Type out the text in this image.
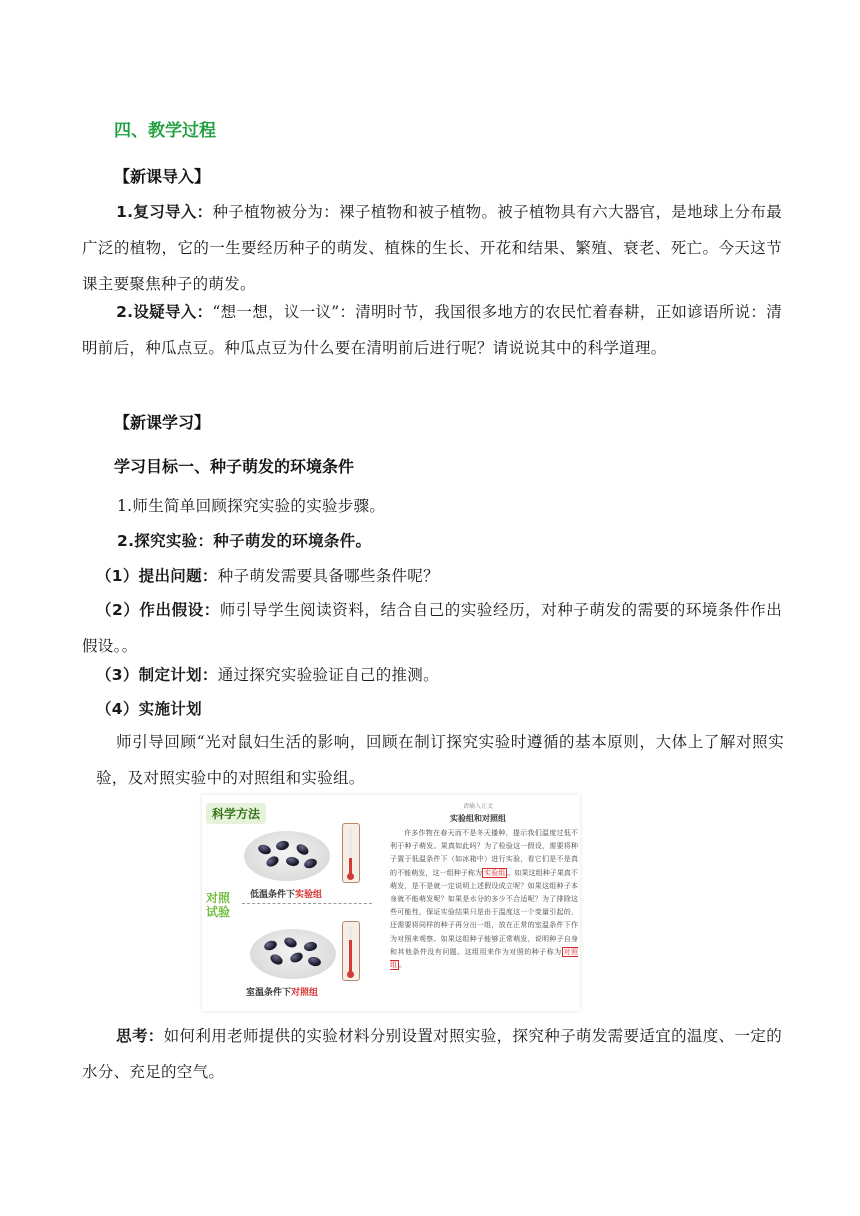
四、教学过程
【新课导入】
1.复习导入：种子植物被分为：裸子植物和被子植物。被子植物具有六大器官，是地球上分布最广泛的植物，它的一生要经历种子的萌发、植株的生长、开花和结果、繁殖、衰老、死亡。今天这节课主要聚焦种子的萌发。
2.设疑导入：“想一想，议一议”：清明时节，我国很多地方的农民忙着春耕，正如谚语所说：清明前后，种瓜点豆。种瓜点豆为什么要在清明前后进行呢？请说说其中的科学道理。
【新课学习】
学习目标一、种子萌发的环境条件
1.师生简单回顾探究实验的实验步骤。
2.探究实验：种子萌发的环境条件。
（1）提出问题：种子萌发需要具备哪些条件呢？
（2）作出假设：师引导学生阅读资料，结合自己的实验经历，对种子萌发的需要的环境条件作出假设。。
（3）制定计划：通过探究实验验证自己的推测。
（4）实施计划
师引导回顾“光对鼠妇生活的影响，回顾在制订探究实验时遵循的基本原则，大体上了解对照实验，及对照实验中的对照组和实验组。
科学方法
低温条件下实验组
对照
试验
室温条件下对照组
请输入正文
实验组和对照组
许多作物在春天而不是冬天播种，提示我们温度过低不利于种子萌发。果真如此吗？为了检验这一假设，需要将种子置于低温条件下（如冰箱中）进行实验，看它们是不是真的不能萌发，这一组种子称为 实验组 。如果这组种子果真不萌发，是不是就一定说明上述假设成立呢？如果这组种子本身就不能萌发呢？如果是水分的多少不合适呢？为了排除这些可能性，保证实验结果只是由于温度这一个变量引起的，还需要将同样的种子再分出一组，放在正常的室温条件下作为对照来观察。如果这组种子能够正常萌发，说明种子自身和其他条件没有问题。这组用来作为对照的种子称为 对照组 。
思考：如何利用老师提供的实验材料分别设置对照实验，探究种子萌发需要适宜的温度、一定的水分、充足的空气。
